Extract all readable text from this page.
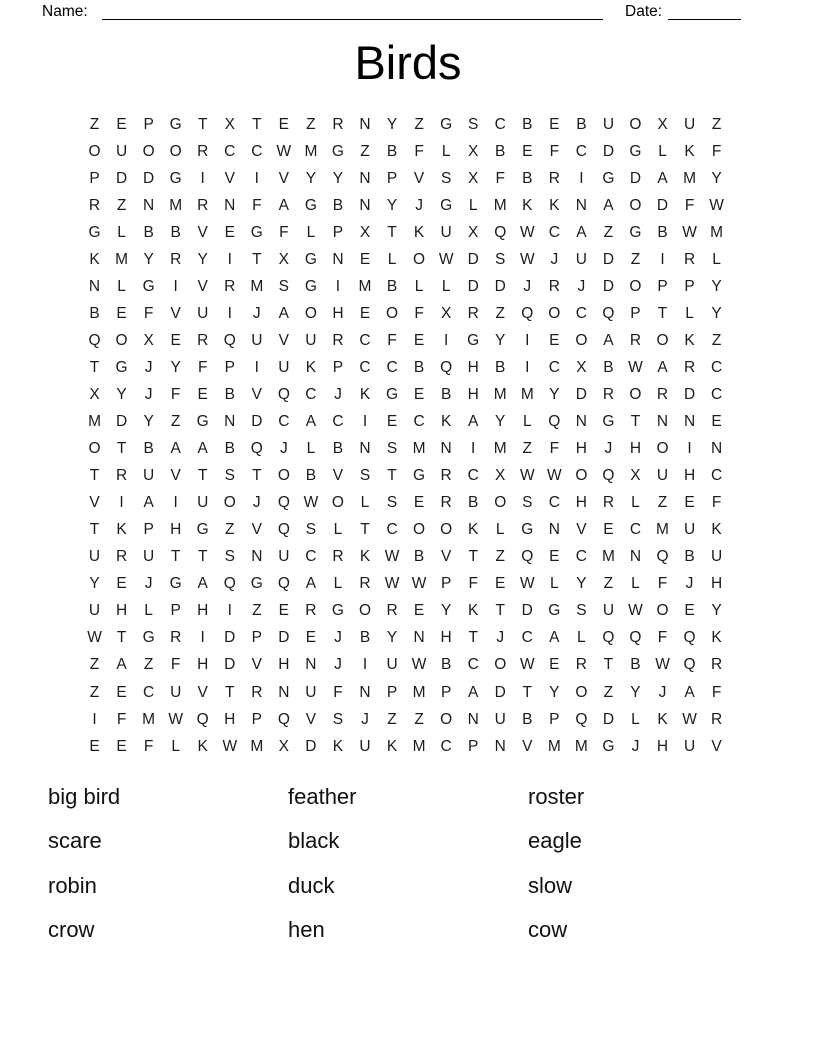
Name:	Date:
Birds
Z	E	P	G	T	X	T	E	Z	R	N	Y	Z	G	S	C	B	E	B	U O	X	U	Z
O U O O R	C	C W M G	Z	B	F	L	X	B	E	F	C	D G	L	K	F
P	D	D G	I	V	I	V	Y	Y	N	P	V	S	X	F	B	R	I	G D	A M Y
R	Z	N M R	N	F	A	G	B	N	Y	J	G	L	M K	K	N	A	O D	F W
G	L	B	B	V	E	G	F	L	P	X	T	K	U	X	Q W C	A	Z	G	B W M
K M Y	R	Y	I	T	X	G N	E	L	O W D	S W	J	U	D	Z	I	R	L
N	L	G	I	V	R M S	G	I	M B	L	L	D	D	J	R	J	D O	P	P	Y
B	E	F	V	U	I	J	A	O H	E	O	F	X	R	Z	Q O C Q	P	T	L	Y
Q O	X	E	R Q U	V	U	R	C	F	E	I	G	Y	I	E	O	A	R O	K	Z
T	G	J	Y	F	P	I	U	K	P	C	C	B	Q H	B	I	C	X	B W A	R	C
X	Y	J	F	E	B	V	Q C	J	K	G	E	B	H M M Y	D	R O R	D	C
M D	Y	Z	G N	D	C	A	C	I	E	C	K	A	Y	L	Q N G	T	N	N	E
O	T	B	A	A	B	Q	J	L	B	N	S M N	I	M	Z	F	H	J	H O	I	N
T	R	U	V	T	S	T	O	B	V	S	T	G R	C	X W W O Q	X	U	H	C
V	I	A	I	U O	J	Q W O	L	S	E	R	B	O	S	C	H	R	L	Z	E	F
T	K	P	H G	Z	V	Q	S	L	T	C O O	K	L	G N	V	E	C M U	K
U	R	U	T	T	S	N	U	C	R	K W B	V	T	Z	Q	E	C M N Q	B	U
Y	E	J	G	A	Q G Q	A	L	R W W P	F	E W L	Y	Z	L	F	J	H
U	H	L	P	H	I	Z	E	R G O R	E	Y	K	T	D G	S	U W O	E	Y
W T	G R	I	D	P	D	E	J	B	Y	N	H	T	J	C	A	L	Q Q	F	Q	K
Z	A	Z	F	H	D	V	H	N	J	I	U W B	C O W E	R	T	B W Q R
Z	E	C	U	V	T	R	N	U	F	N	P M P	A	D	T	Y	O	Z	Y	J	A	F
I	F	M W Q H	P	Q	V	S	J	Z	Z	O N	U	B	P	Q D	L	K W R
E	E	F	L	K W M X	D	K	U	K M C	P	N	V M M G	J	H	U	V
big bird
scare
robin
crow
feather
black
duck
hen
roster
eagle
slow
cow
